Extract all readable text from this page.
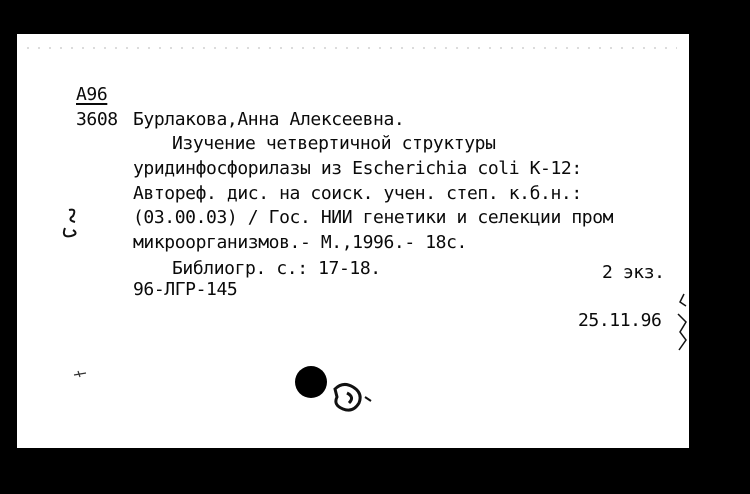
А96
3608 Бурлакова,Анна Алексеевна.
Изучение четвертичной структуры
уридинфосфорилазы из Escherichia coli К-12:
Автореф. дис. на соиск. учен. степ. к.б.н.:
(03.00.03) / Гос. НИИ генетики и селекции пром
микроорганизмов.- М.,1996.- 18с.
Библиогр. с.: 17-18.	2 экз.
96-ЛГР-145
25.11.96
